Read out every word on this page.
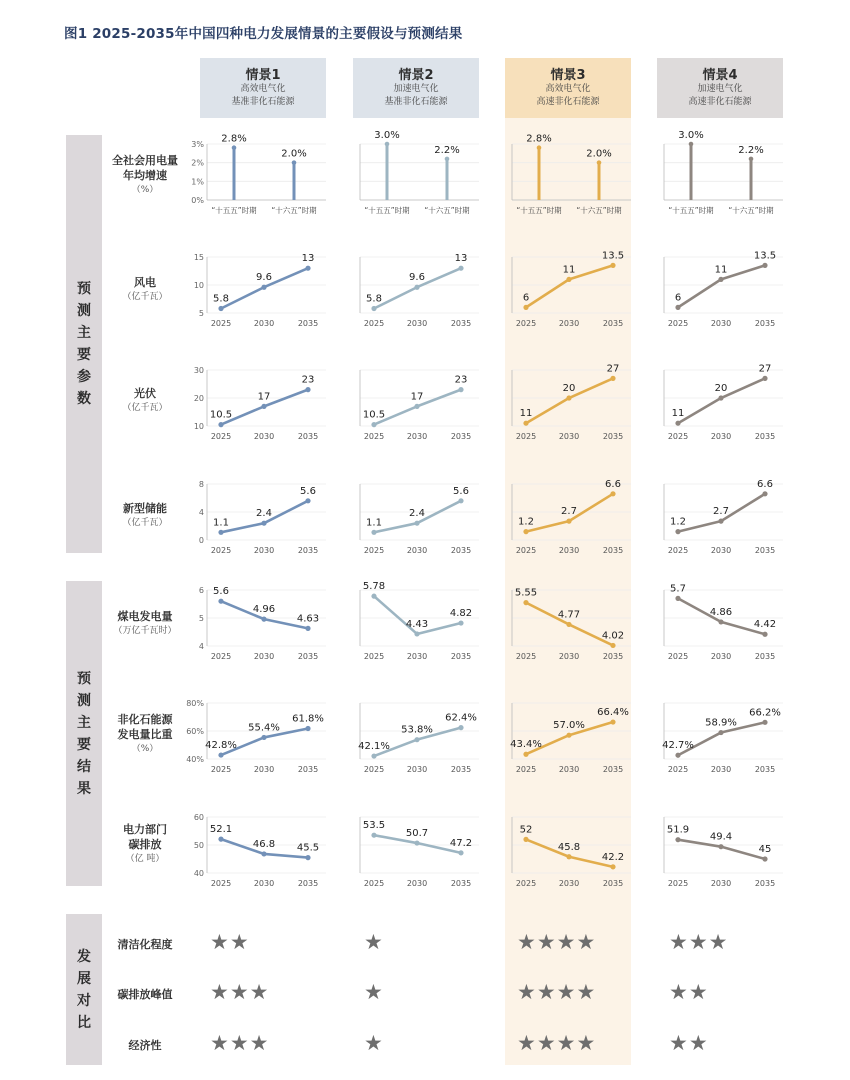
图1 2025-2035年中国四种电力发展情景的主要假设与预测结果
情景1
高效电气化
基准非化石能源
情景2
加速电气化
基准非化石能源
情景3
高效电气化
高速非化石能源
情景4
加速电气化
高速非化石能源
预
测
主
要
参
数
预
测
主
要
结
果
发
展
对
比
全社会用电量
年均增速
（%）
风电
（亿千瓦）
光伏
（亿千瓦）
新型储能
（亿千瓦）
煤电发电量
（万亿千瓦时）
非化石能源
发电量比重
（%）
电力部门
碳排放
（亿 吨）
清洁化程度
碳排放峰值
经济性
★★	★	★★★★	★★★
★★★	★	★★★★	★★
★★★	★	★★★★	★★
0%
1%
2%
3% 2.8%
“十五五”时期
2.0%
“十六五”时期
3.0%
“十五五”时期
2.2%
“十六五”时期
2.8%
“十五五”时期
2.0%
“十六五”时期
3.0%
“十五五”时期
2.2%
“十六五”时期
5
10
15
5.8
2025
9.6
2030
13
2035
5.8
2025
9.6
2030
13
2035
6
2025
11
2030
13.5
2035
6
2025
11
2030
13.5
2035
10
20
30
10.5
2025
17
2030
23
2035
10.5
2025
17
2030
23
2035
11
2025
20
2030
27
2035
11
2025
20
2030
27
2035
0
4
8
1.1
2025
2.4
2030
5.6
2035
1.1
2025
2.4
2030
5.6
2035
1.2
2025
2.7
2030
6.6
2035
1.2
2025
2.7
2030
6.6
2035
4
5
6 5.6
2025
4.96
2030
4.63
2035
5.78
2025
4.43
2030
4.82
2035
5.55
2025
4.77
2030
4.02
2035
5.7
2025
4.86
2030
4.42
2035
40%
60%
80%
42.8%
2025
55.4%
2030
61.8%
2035
42.1%
2025
53.8%
2030
62.4%
2035
43.4%
2025
57.0%
2030
66.4%
2035
42.7%
2025
58.9%
2030
66.2%
2035
40
50
60
52.1
2025
46.8
2030
45.5
2035
53.5
2025
50.7
2030
47.2
2035
52
2025
45.8
2030
42.2
2035
51.9
2025
49.4
2030
45
2035
